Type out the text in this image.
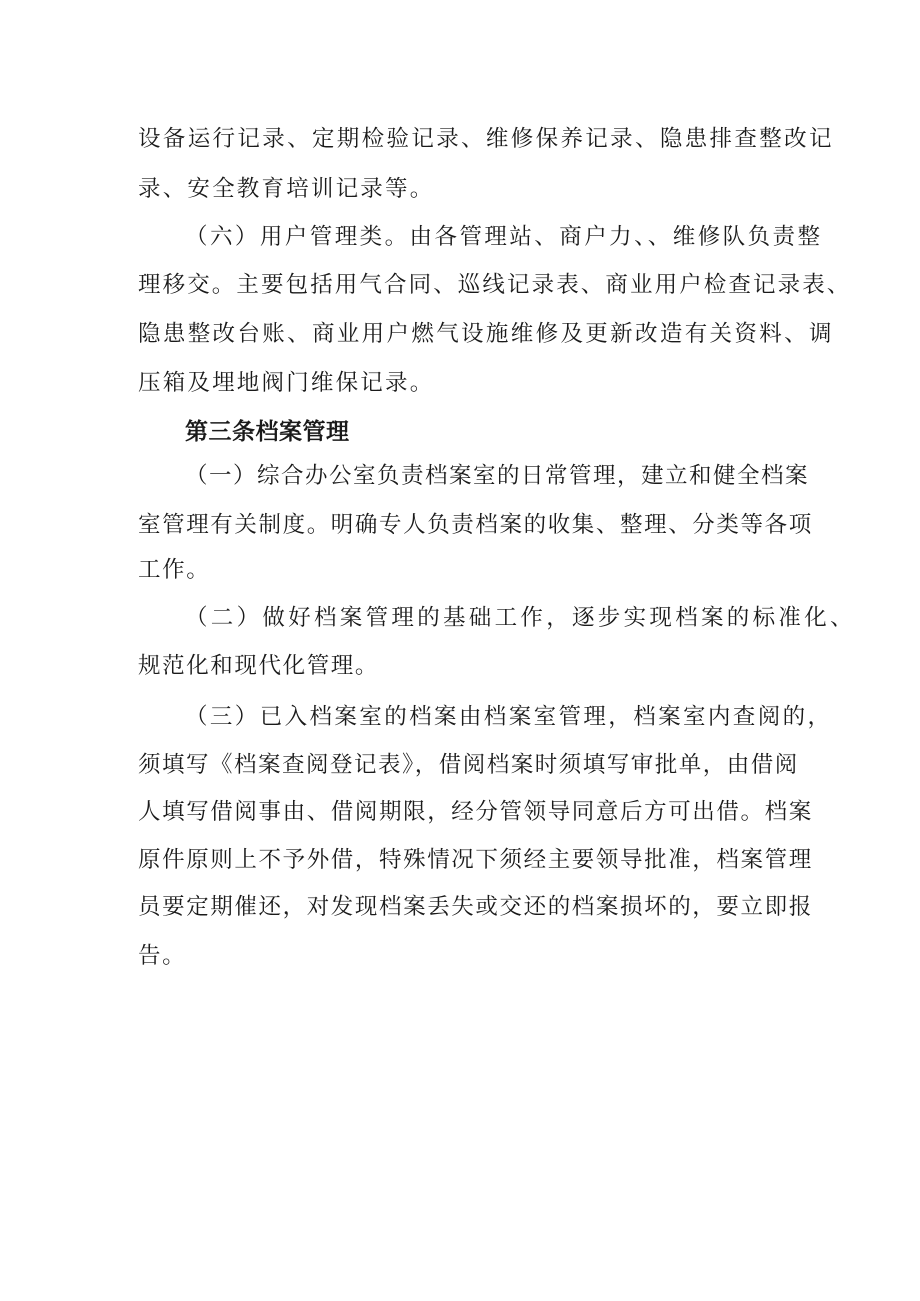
设备运行记录、定期检验记录、维修保养记录、隐患排查整改记
录、安全教育培训记录等。
（六）用户管理类。由各管理站、商户力、、维修队负责整
理移交。主要包括用气合同、巡线记录表、商业用户检查记录表、
隐患整改台账、商业用户燃气设施维修及更新改造有关资料、调
压箱及埋地阀门维保记录。
第三条档案管理
（一）综合办公室负责档案室的日常管理，建立和健全档案
室管理有关制度。明确专人负责档案的收集、整理、分类等各项
工作。
（二）做好档案管理的基础工作，逐步实现档案的标准化、
规范化和现代化管理。
（三）已入档案室的档案由档案室管理，档案室内查阅的，
须填写《档案查阅登记表》，借阅档案时须填写审批单，由借阅
人填写借阅事由、借阅期限，经分管领导同意后方可出借。档案
原件原则上不予外借，特殊情况下须经主要领导批准，档案管理
员要定期催还，对发现档案丢失或交还的档案损坏的，要立即报
告。
